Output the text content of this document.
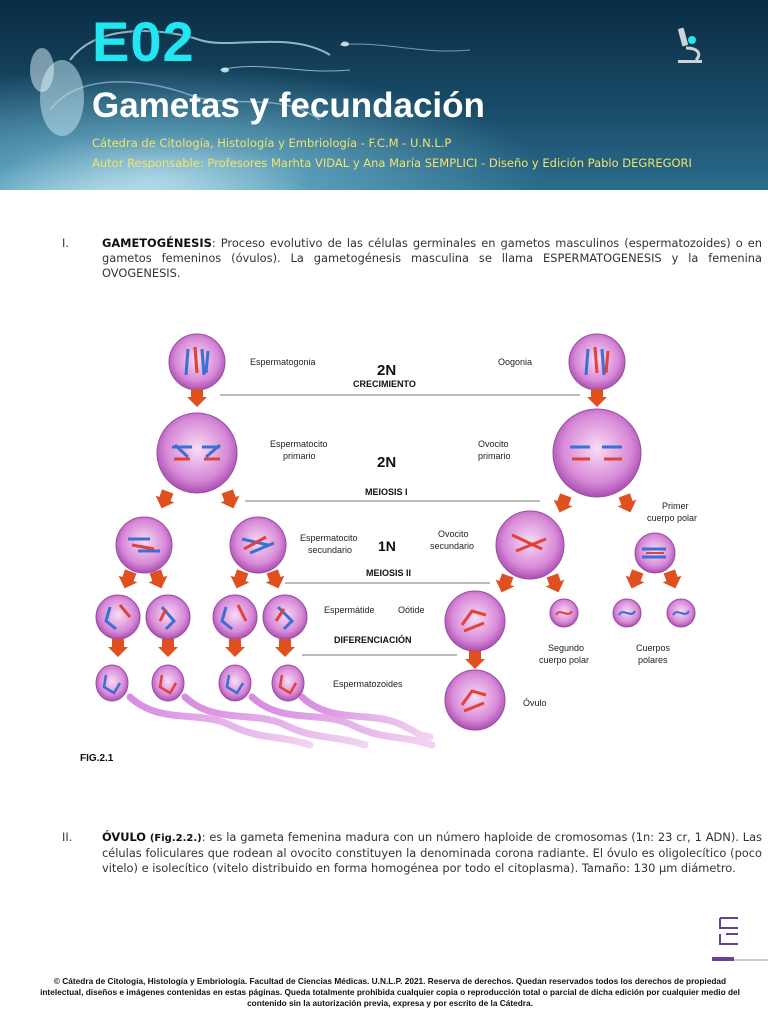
E02
Gametas y fecundación
Cátedra de Citología, Histología y Embriología - F.C.M - U.N.L.P
Autor Responsable: Profesores Marhta VIDAL y Ana María SEMPLICI - Diseño y Edición Pablo DEGREGORI
I.	GAMETOGÉNESIS: Proceso evolutivo de las células germinales en gametos masculinos (espermatozoides) o en gametos femeninos (óvulos). La gametogénesis masculina se llama ESPERMATOGENESIS y la femenina OVOGENESIS.
Espermatogonia	Oogonia
2N
CRECIMIENTO
Espermatocito
primario
Ovocito
primario
2N
MEIOSIS I
Primer
cuerpo polar
Espermatocito
secundario 1N
Ovocito
secundario
MEIOSIS II
Espermátide	Oótide
DIFERENCIACIÓN
Segundo
cuerpo polar
Cuerpos
polares
Espermatozoides
Óvulo
FIG.2.1
II.	ÓVULO (Fig.2.2.): es la gameta femenina madura con un número haploide de cromosomas (1n: 23 cr, 1 ADN). Las células foliculares que rodean al ovocito constituyen la denominada corona radiante. El óvulo es oligolecítico (poco vitelo) e isolecítico (vitelo distribuido en forma homogénea por todo el citoplasma). Tamaño: 130 µm diámetro.
© Cátedra de Citología, Histología y Embriología. Facultad de Ciencias Médicas. U.N.L.P. 2021. Reserva de derechos. Quedan reservados todos los derechos de propiedad intelectual, diseños e imágenes contenidas en estas páginas. Queda totalmente prohibida cualquier copia o reproducción total o parcial de dicha edición por cualquier medio del contenido sin la autorización previa, expresa y por escrito de la Cátedra.
